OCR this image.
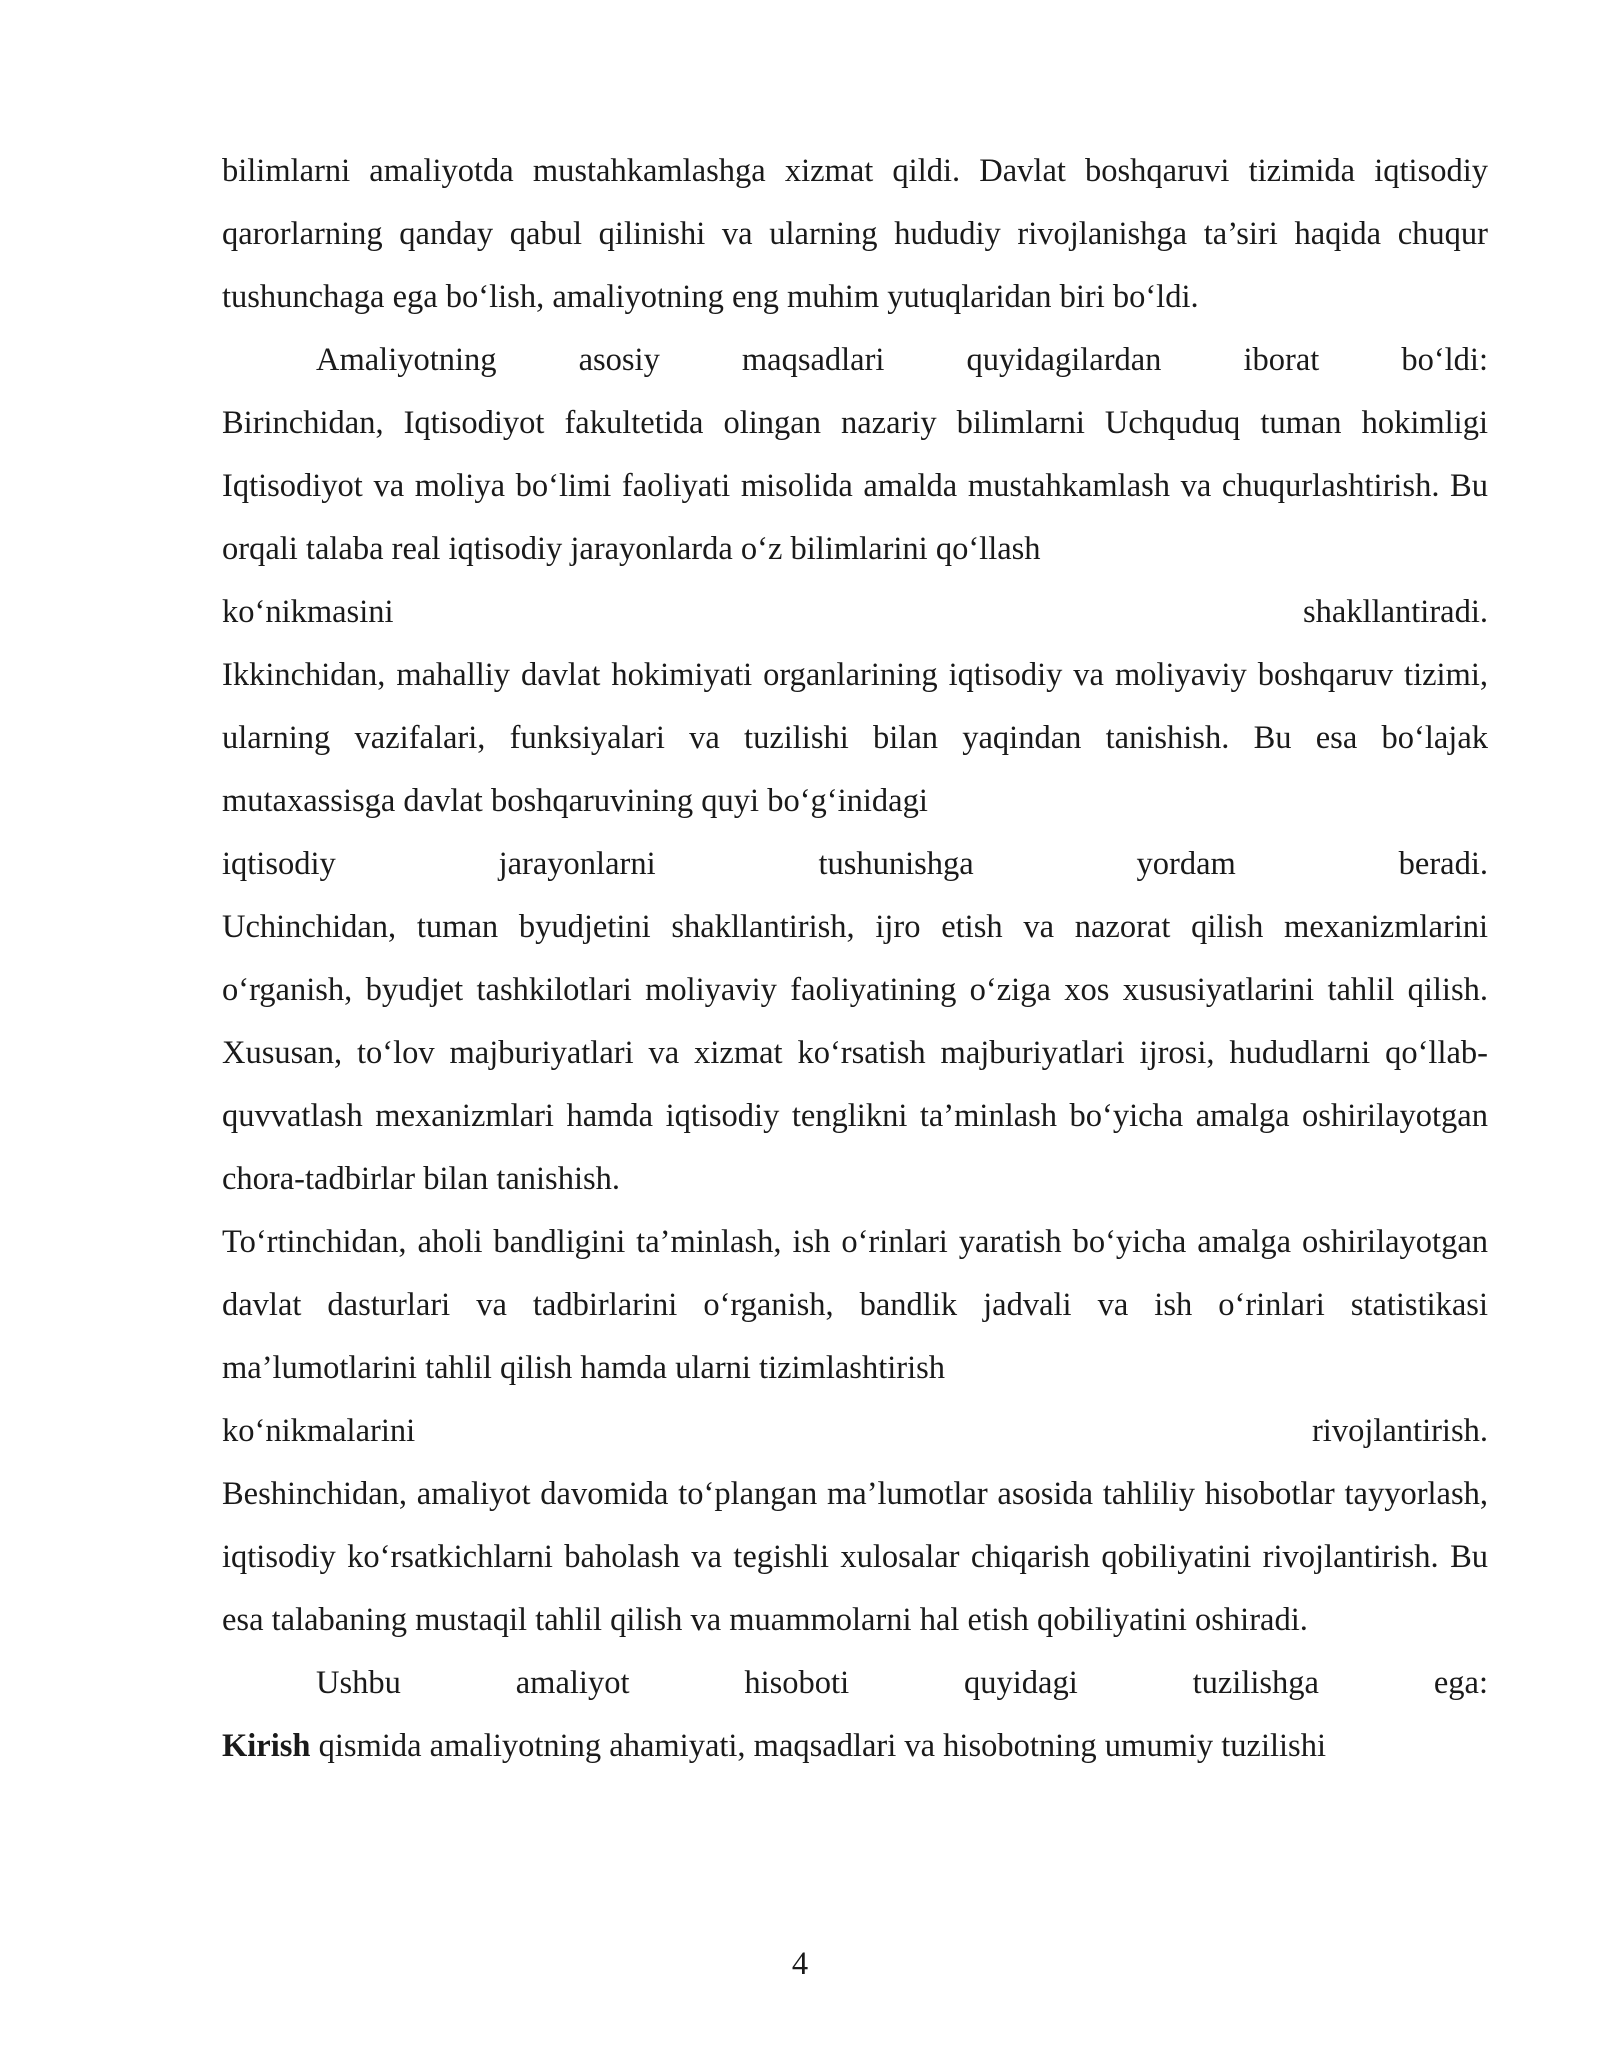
bilimlarni amaliyotda mustahkamlashga xizmat qildi. Davlat boshqaruvi tizimida iqtisodiy qarorlarning qanday qabul qilinishi va ularning hududiy rivojlanishga ta’siri haqida chuqur tushunchaga ega bo‘lish, amaliyotning eng muhim yutuqlaridan biri bo‘ldi.

Amaliyotning asosiy maqsadlari quyidagilardan iborat bo‘ldi:

Birinchidan, Iqtisodiyot fakultetida olingan nazariy bilimlarni Uchquduq tuman hokimligi Iqtisodiyot va moliya bo‘limi faoliyati misolida amalda mustahkamlash va chuqurlashtirish. Bu orqali talaba real iqtisodiy jarayonlarda o‘z bilimlarini qo‘llash

ko‘nikmasini	shakllantiradi.

Ikkinchidan, mahalliy davlat hokimiyati organlarining iqtisodiy va moliyaviy boshqaruv tizimi, ularning vazifalari, funksiyalari va tuzilishi bilan yaqindan tanishish. Bu esa bo‘lajak mutaxassisga davlat boshqaruvining quyi bo‘g‘inidagi

iqtisodiy jarayonlarni tushunishga yordam beradi.

Uchinchidan, tuman byudjetini shakllantirish, ijro etish va nazorat qilish mexanizmlarini o‘rganish, byudjet tashkilotlari moliyaviy faoliyatining o‘ziga xos xususiyatlarini tahlil qilish. Xususan, to‘lov majburiyatlari va xizmat ko‘rsatish majburiyatlari ijrosi, hududlarni qo‘llab-quvvatlash mexanizmlari hamda iqtisodiy tenglikni ta’minlash bo‘yicha amalga oshirilayotgan chora-tadbirlar bilan tanishish.

To‘rtinchidan, aholi bandligini ta’minlash, ish o‘rinlari yaratish bo‘yicha amalga oshirilayotgan davlat dasturlari va tadbirlarini o‘rganish, bandlik jadvali va ish o‘rinlari statistikasi ma’lumotlarini tahlil qilish hamda ularni tizimlashtirish

ko‘nikmalarini	rivojlantirish.

Beshinchidan, amaliyot davomida to‘plangan ma’lumotlar asosida tahliliy hisobotlar tayyorlash, iqtisodiy ko‘rsatkichlarni baholash va tegishli xulosalar chiqarish qobiliyatini rivojlantirish. Bu esa talabaning mustaqil tahlil qilish va muammolarni hal etish qobiliyatini oshiradi.

Ushbu amaliyot hisoboti quyidagi tuzilishga ega:

Kirish qismida amaliyotning ahamiyati, maqsadlari va hisobotning umumiy tuzilishi

4
